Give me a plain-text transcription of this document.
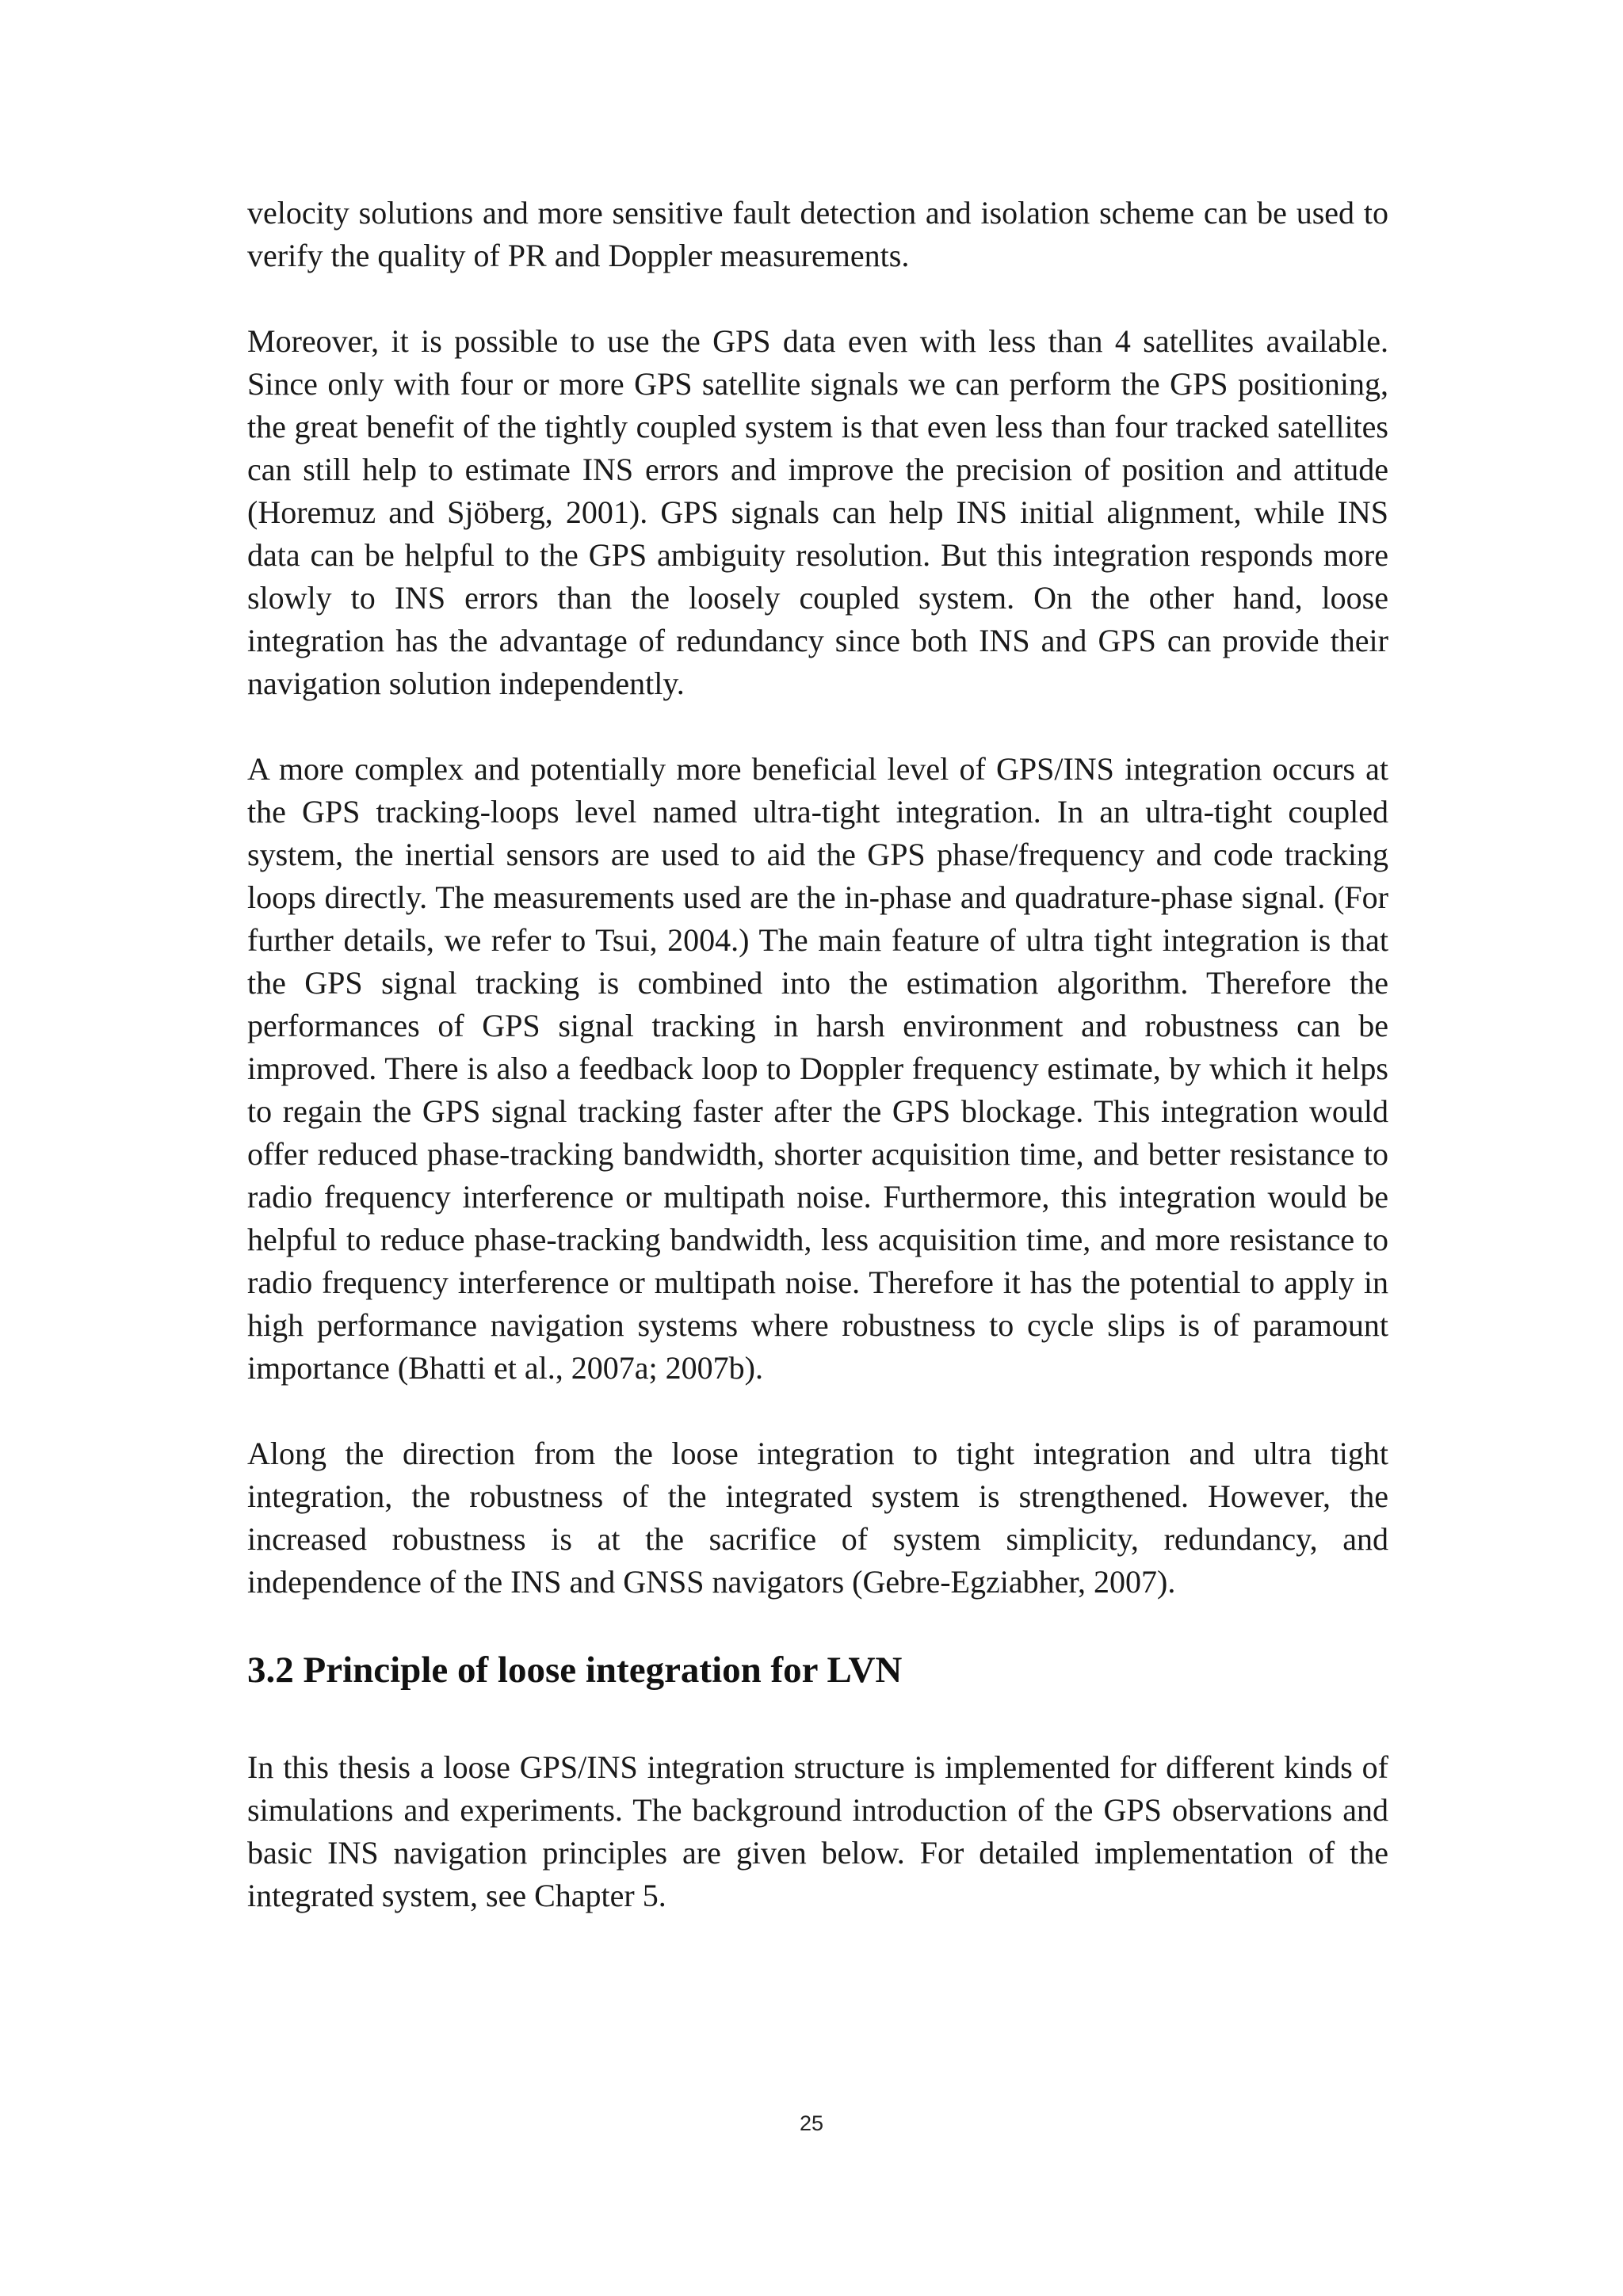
velocity solutions and more sensitive fault detection and isolation scheme can be used to verify the quality of PR and Doppler measurements.

Moreover, it is possible to use the GPS data even with less than 4 satellites available. Since only with four or more GPS satellite signals we can perform the GPS positioning, the great benefit of the tightly coupled system is that even less than four tracked satellites can still help to estimate INS errors and improve the precision of position and attitude (Horemuz and Sjöberg, 2001). GPS signals can help INS initial alignment, while INS data can be helpful to the GPS ambiguity resolution. But this integration responds more slowly to INS errors than the loosely coupled system. On the other hand, loose integration has the advantage of redundancy since both INS and GPS can provide their navigation solution independently.

A more complex and potentially more beneficial level of GPS/INS integration occurs at the GPS tracking-loops level named ultra-tight integration. In an ultra-tight coupled system, the inertial sensors are used to aid the GPS phase/frequency and code tracking loops directly. The measurements used are the in-phase and quadrature-phase signal. (For further details, we refer to Tsui, 2004.) The main feature of ultra tight integration is that the GPS signal tracking is combined into the estimation algorithm. Therefore the performances of GPS signal tracking in harsh environment and robustness can be improved. There is also a feedback loop to Doppler frequency estimate, by which it helps to regain the GPS signal tracking faster after the GPS blockage. This integration would offer reduced phase-tracking bandwidth, shorter acquisition time, and better resistance to radio frequency interference or multipath noise. Furthermore, this integration would be helpful to reduce phase-tracking bandwidth, less acquisition time, and more resistance to radio frequency interference or multipath noise. Therefore it has the potential to apply in high performance navigation systems where robustness to cycle slips is of paramount importance (Bhatti et al., 2007a; 2007b).

Along the direction from the loose integration to tight integration and ultra tight integration, the robustness of the integrated system is strengthened. However, the increased robustness is at the sacrifice of system simplicity, redundancy, and independence of the INS and GNSS navigators (Gebre-Egziabher, 2007).

3.2 Principle of loose integration for LVN

In this thesis a loose GPS/INS integration structure is implemented for different kinds of simulations and experiments. The background introduction of the GPS observations and basic INS navigation principles are given below. For detailed implementation of the integrated system, see Chapter 5.

25
